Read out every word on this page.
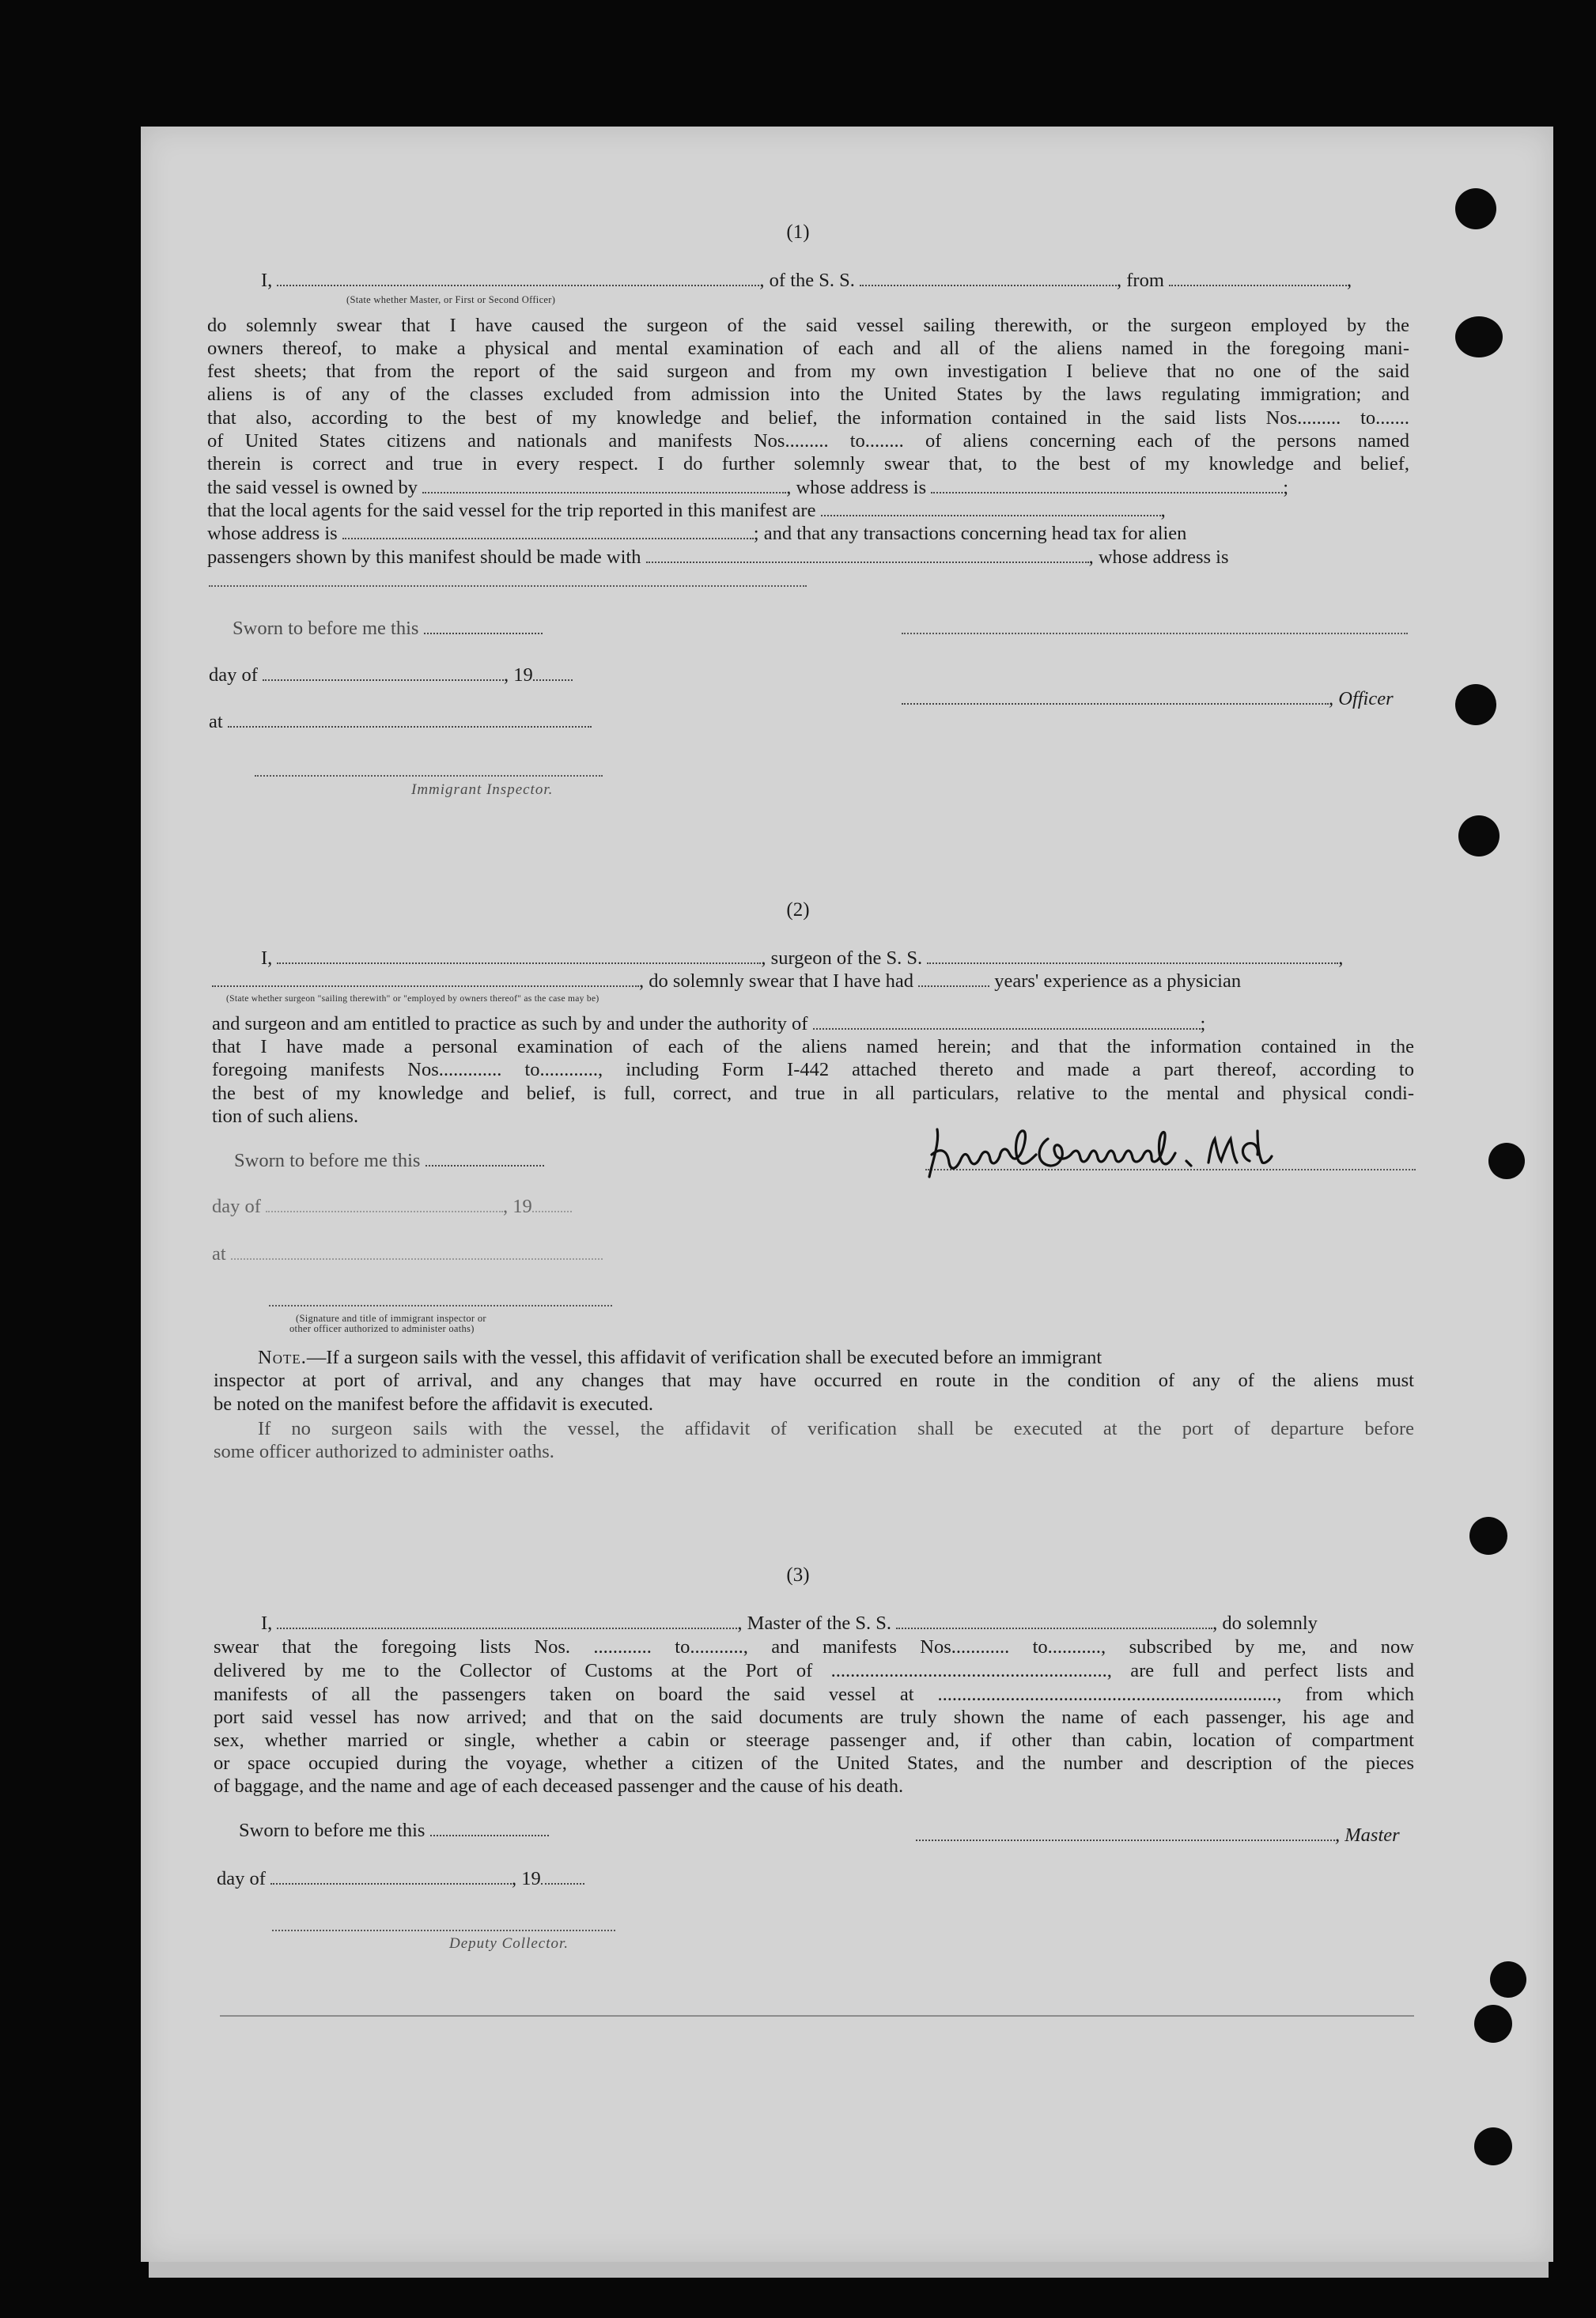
(1)
I,	, of the S. S.	, from	,
(State whether Master, or First or Second Officer)
do solemnly swear that I have caused the surgeon of the said vessel sailing therewith, or the surgeon employed by the
owners thereof, to make a physical and mental examination of each and all of the aliens named in the foregoing mani-
fest sheets; that from the report of the said surgeon and from my own investigation I believe that no one of the said
aliens is of any of the classes excluded from admission into the United States by the laws regulating immigration; and
that also, according to the best of my knowledge and belief, the information contained in the said lists Nos......... to.......
of United States citizens and nationals and manifests Nos......... to........ of aliens concerning each of the persons named
therein is correct and true in every respect. I do further solemnly swear that, to the best of my knowledge and belief,
the said vessel is owned by	, whose address is	;
that the local agents for the said vessel for the trip reported in this manifest are	,
whose address is	; and that any transactions concerning head tax for alien
passengers shown by this manifest should be made with	, whose address is
Sworn to before me this
day of	, 19
, Officer
at
Immigrant Inspector.
(2)
I,	, surgeon of the S. S.	,
, do solemnly swear that I have had	years' experience as a physician
(State whether surgeon "sailing therewith" or "employed by owners thereof" as the case may be)
and surgeon and am entitled to practice as such by and under the authority of	;
that I have made a personal examination of each of the aliens named herein; and that the information contained in the
foregoing manifests Nos............. to............, including Form I-442 attached thereto and made a part thereof, according to
the best of my knowledge and belief, is full, correct, and true in all particulars, relative to the mental and physical condi-
tion of such aliens.
Sworn to before me this
day of	, 19
at
(Signature and title of immigrant inspector or
other officer authorized to administer oaths)
Note.—If a surgeon sails with the vessel, this affidavit of verification shall be executed before an immigrant
inspector at port of arrival, and any changes that may have occurred en route in the condition of any of the aliens must
be noted on the manifest before the affidavit is executed.
If no surgeon sails with the vessel, the affidavit of verification shall be executed at the port of departure before
some officer authorized to administer oaths.
(3)
I,	, Master of the S. S.	, do solemnly
swear that the foregoing lists Nos. ............ to..........., and manifests Nos............ to..........., subscribed by me, and now
delivered by me to the Collector of Customs at the Port of ........................................................., are full and perfect lists and
manifests of all the passengers taken on board the said vessel at ......................................................................, from which
port said vessel has now arrived; and that on the said documents are truly shown the name of each passenger, his age and
sex, whether married or single, whether a cabin or steerage passenger and, if other than cabin, location of compartment
or space occupied during the voyage, whether a citizen of the United States, and the number and description of the pieces
of baggage, and the name and age of each deceased passenger and the cause of his death.
Sworn to before me this	, Master
day of	, 19
Deputy Collector.
